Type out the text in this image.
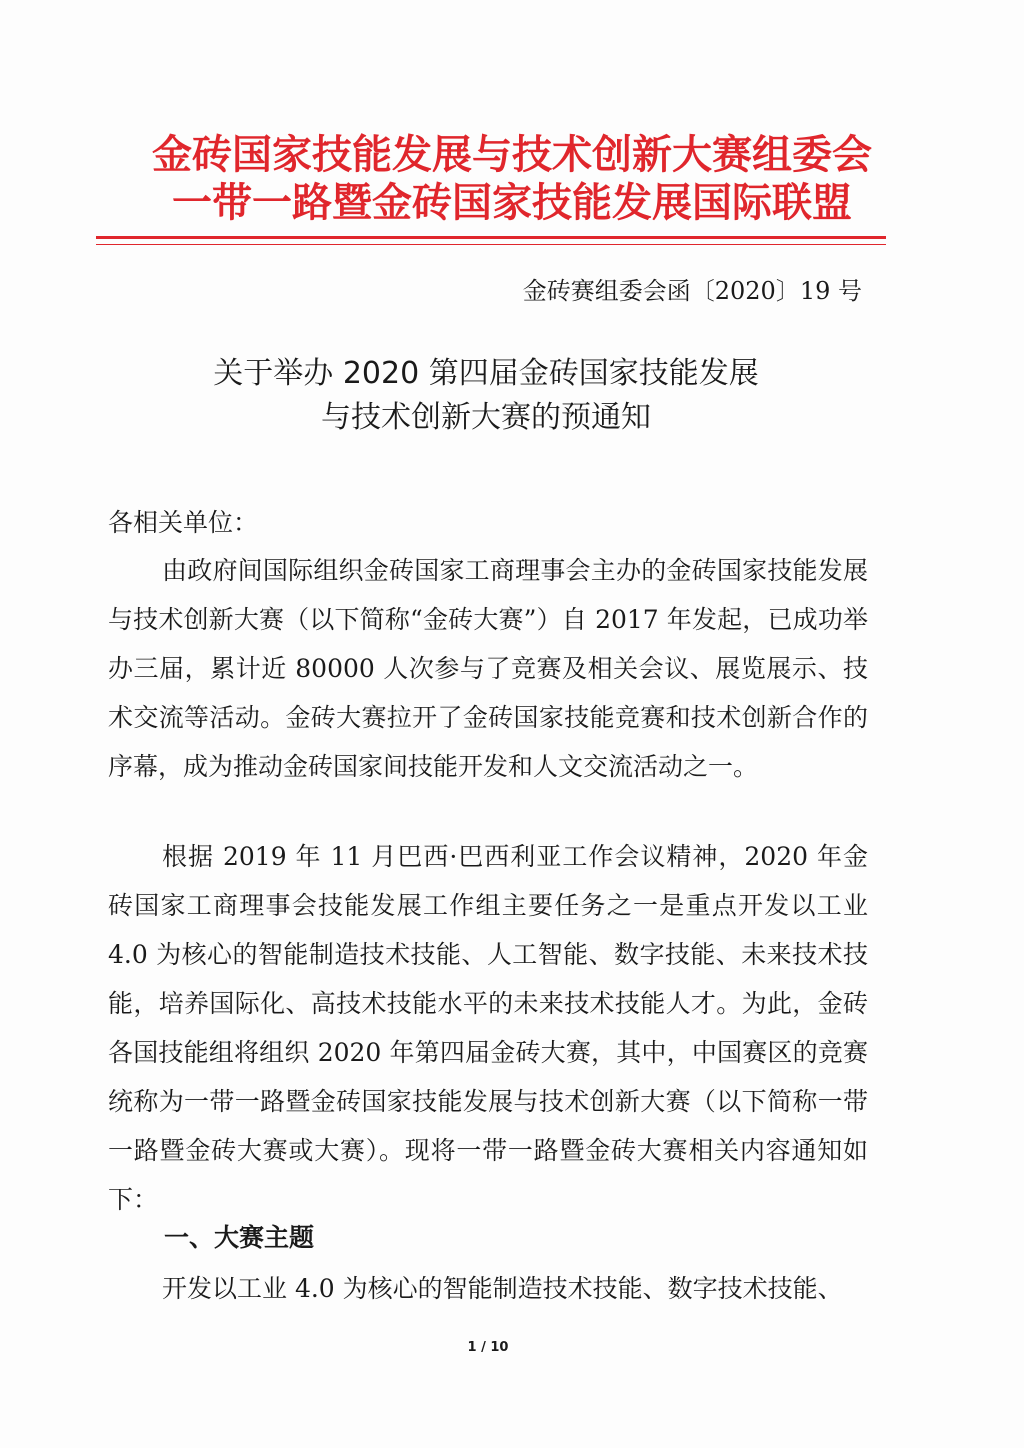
金砖国家技能发展与技术创新大赛组委会
一带一路暨金砖国家技能发展国际联盟
金砖赛组委会函〔2020〕19 号
关于举办 2020 第四届金砖国家技能发展
与技术创新大赛的预通知
各相关单位：
由政府间国际组织金砖国家工商理事会主办的金砖国家技能发展与技术创新大赛（以下简称“金砖大赛”）自 2017 年发起，已成功举办三届，累计近 80000 人次参与了竞赛及相关会议、展览展示、技术交流等活动。金砖大赛拉开了金砖国家技能竞赛和技术创新合作的序幕，成为推动金砖国家间技能开发和人文交流活动之一。
根据 2019 年 11 月巴西·巴西利亚工作会议精神，2020 年金砖国家工商理事会技能发展工作组主要任务之一是重点开发以工业 4.0 为核心的智能制造技术技能、人工智能、数字技能、未来技术技能，培养国际化、高技术技能水平的未来技术技能人才。为此，金砖各国技能组将组织 2020 年第四届金砖大赛，其中，中国赛区的竞赛统称为一带一路暨金砖国家技能发展与技术创新大赛（以下简称一带一路暨金砖大赛或大赛）。现将一带一路暨金砖大赛相关内容通知如下：
一、大赛主题
开发以工业 4.0 为核心的智能制造技术技能、数字技术技能、
1 / 10
